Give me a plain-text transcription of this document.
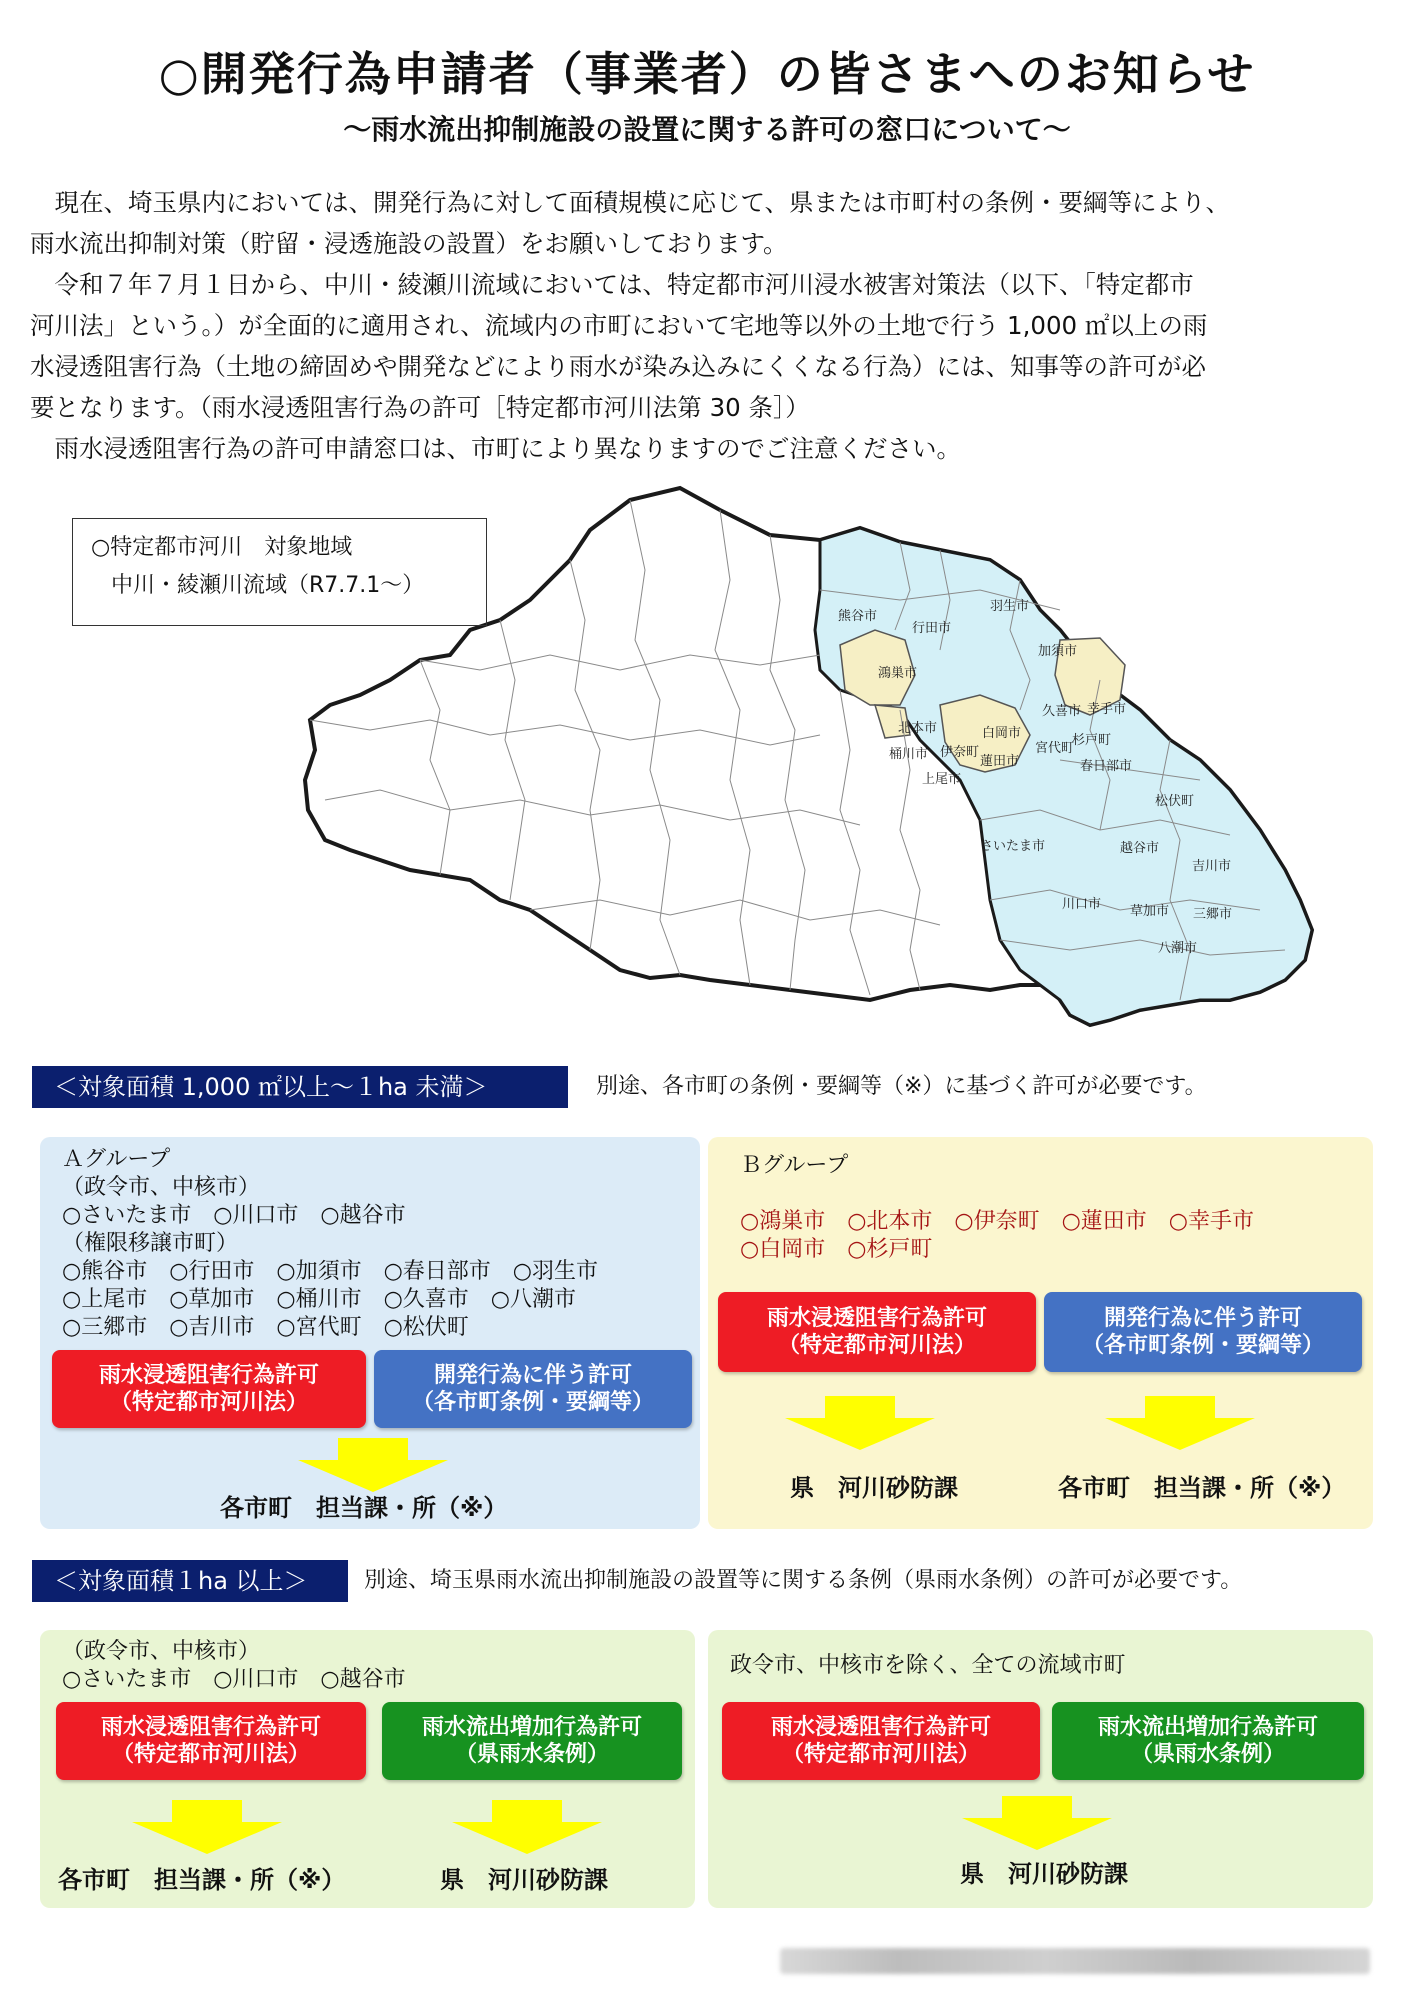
○開発行為申請者（事業者）の皆さまへのお知らせ
～雨水流出抑制施設の設置に関する許可の窓口について～

　現在、埼玉県内においては、開発行為に対して面積規模に応じて、県または市町村の条例・要綱等により、

雨水流出抑制対策（貯留・浸透施設の設置）をお願いしております。

　令和７年７月１日から、中川・綾瀬川流域においては、特定都市河川浸水被害対策法（以下、「特定都市

河川法」という。）が全面的に適用され、流域内の市町において宅地等以外の土地で行う 1,000 ㎡以上の雨

水浸透阻害行為（土地の締固めや開発などにより雨水が染み込みにくくなる行為）には、知事等の許可が必

要となります。（雨水浸透阻害行為の許可［特定都市河川法第 30 条］）

　雨水浸透阻害行為の許可申請窓口は、市町により異なりますのでご注意ください。

熊谷市
行田市
羽生市
加須市
鴻巣市
久喜市 幸手市
杉戸町
北本市	白岡市
宮代町
桶川市 伊奈町
蓮田市	春日部市
上尾市
松伏町
さいたま市	越谷市
吉川市
川口市 草加市 三郷市
八潮市
○特定都市河川　対象地域
中川・綾瀬川流域（R7.7.1～）
＜対象面積 1,000 ㎡以上～１ha 未満＞	別途、各市町の条例・要綱等（※）に基づく許可が必要です。
Ａグループ
（政令市、中核市）
○さいたま市　○川口市　○越谷市
（権限移譲市町）
○熊谷市　○行田市　○加須市　○春日部市　○羽生市
○上尾市　○草加市　○桶川市　○久喜市　○八潮市
○三郷市　○吉川市　○宮代町　○松伏町
雨水浸透阻害行為許可
（特定都市河川法）
開発行為に伴う許可
（各市町条例・要綱等）
各市町　担当課・所（※）
Ｂグループ
○鴻巣市　○北本市　○伊奈町　○蓮田市　○幸手市
○白岡市　○杉戸町
雨水浸透阻害行為許可
（特定都市河川法）
開発行為に伴う許可
（各市町条例・要綱等）
県　河川砂防課	各市町　担当課・所（※）
＜対象面積１ha 以上＞	別途、埼玉県雨水流出抑制施設の設置等に関する条例（県雨水条例）の許可が必要です。
（政令市、中核市）
○さいたま市　○川口市　○越谷市
雨水浸透阻害行為許可
（特定都市河川法）
雨水流出増加行為許可
（県雨水条例）
各市町　担当課・所（※）	県　河川砂防課
政令市、中核市を除く、全ての流域市町
雨水浸透阻害行為許可
（特定都市河川法）
雨水流出増加行為許可
（県雨水条例）
県　河川砂防課
